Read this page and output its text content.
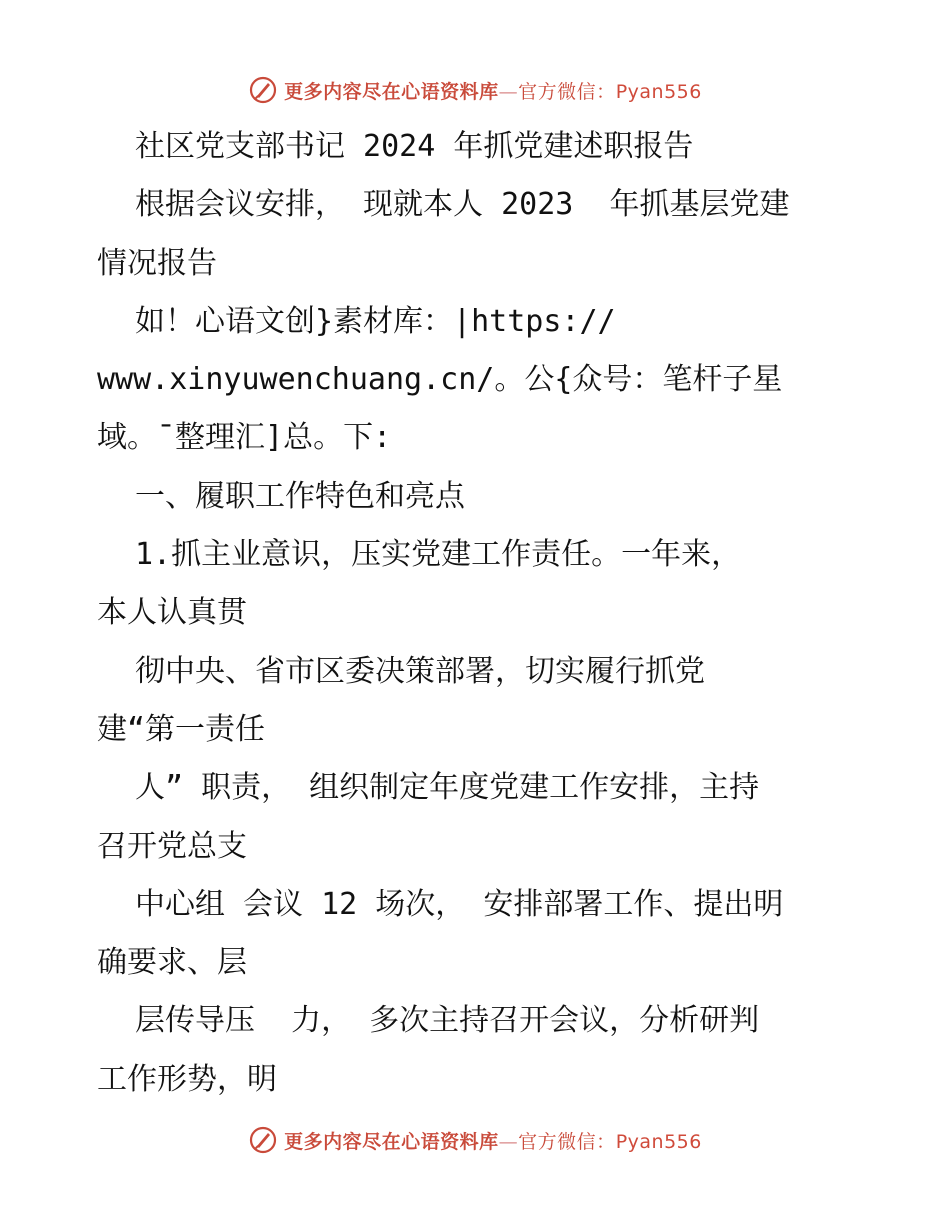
更多内容尽在心语资料库—官方微信：Pyan556
社区党支部书记 2024 年抓党建述职报告
根据会议安排， 现就本人 2023  年抓基层党建
情况报告
如！心语文创}素材库：|https://
www.xinyuwenchuang.cn/。公{众号：笔杆子星
域。¯整理汇]总。下:
一、履职工作特色和亮点
1.抓主业意识，压实党建工作责任。一年来，
本人认真贯
彻中央、省市区委决策部署，切实履行抓党
建“第一责任
人” 职责， 组织制定年度党建工作安排，主持
召开党总支
中心组 会议 12 场次， 安排部署工作、提出明
确要求、层
层传导压  力， 多次主持召开会议，分析研判
工作形势，明
更多内容尽在心语资料库—官方微信：Pyan556
